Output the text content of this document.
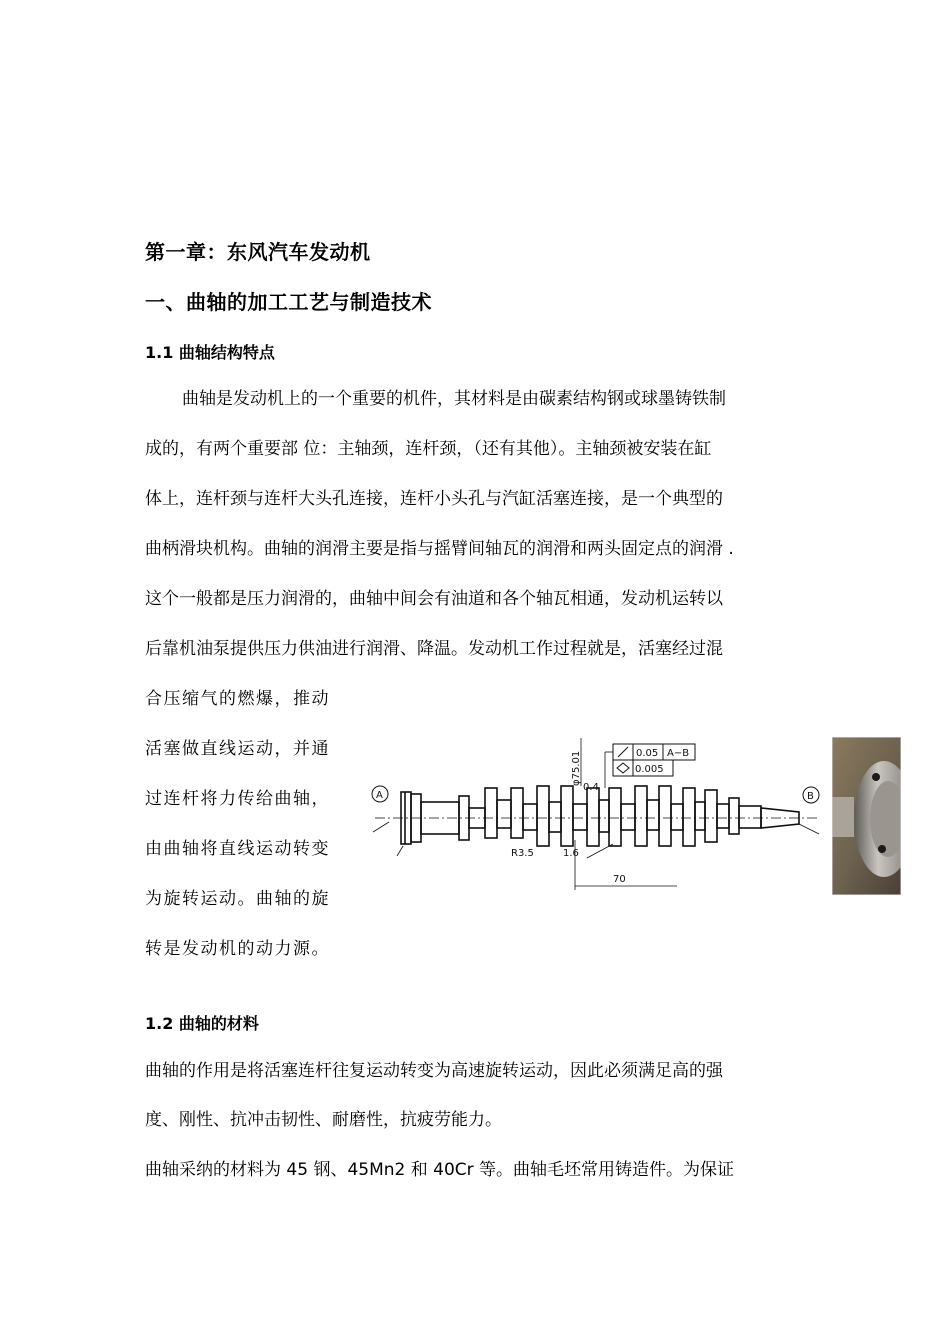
第一章：东风汽车发动机
一、曲轴的加工工艺与制造技术
1.1 曲轴结构特点
曲轴是发动机上的一个重要的机件，其材料是由碳素结构钢或球墨铸铁制
成的，有两个重要部 位：主轴颈，连杆颈，（还有其他）。主轴颈被安装在缸
体上，连杆颈与连杆大头孔连接，连杆小头孔与汽缸活塞连接，是一个典型的
曲柄滑块机构。曲轴的润滑主要是指与摇臂间轴瓦的润滑和两头固定点的润滑 .
这个一般都是压力润滑的，曲轴中间会有油道和各个轴瓦相通，发动机运转以
后靠机油泵提供压力供油进行润滑、降温。发动机工作过程就是，活塞经过混
合压缩气的燃爆，推动
活塞做直线运动，并通
过连杆将力传给曲轴，
由曲轴将直线运动转变
为旋转运动。曲轴的旋
转是发动机的动力源。
A	B
0.05 A−B
0.005
R3.5	1.6
0.4
70
φ75.01
1.2 曲轴的材料
曲轴的作用是将活塞连杆往复运动转变为高速旋转运动，因此必须满足高的强
度、刚性、抗冲击韧性、耐磨性，抗疲劳能力。
曲轴采纳的材料为 45 钢、45Mn2 和 40Cr 等。曲轴毛坯常用铸造件。为保证
